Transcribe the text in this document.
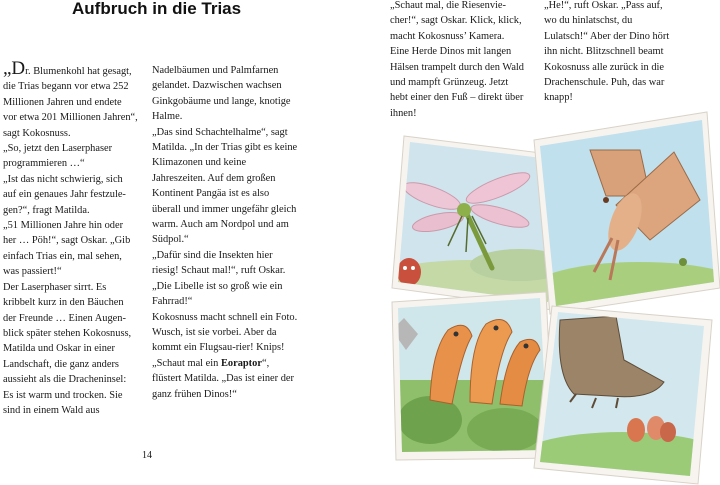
Aufbruch in die Trias

„Dr. Blumenkohl hat gesagt, die Trias begann vor etwa 252 Millionen Jahren und endete vor etwa 201 Millionen Jahren“, sagt Kokosnuss.

„So, jetzt den Laserphaser programmieren …“

„Ist das nicht schwierig, sich auf ein genaues Jahr festzule-gen?“, fragt Matilda.

„51 Millionen Jahre hin oder her … Pöh!“, sagt Oskar. „Gib einfach Trias ein, mal sehen, was passiert!“

Der Laserphaser sirrt. Es kribbelt kurz in den Bäuchen der Freunde … Einen Augen-blick später stehen Kokosnuss, Matilda und Oskar in einer Landschaft, die ganz anders aussieht als die Dracheninsel: Es ist warm und trocken. Sie sind in einem Wald aus

Nadelbäumen und Palmfarnen gelandet. Dazwischen wachsen Ginkgobäume und lange, knotige Halme.

„Das sind Schachtelhalme“, sagt Matilda. „In der Trias gibt es keine Klimazonen und keine Jahreszeiten. Auf dem großen Kontinent Pangäa ist es also überall und immer ungefähr gleich warm. Auch am Nordpol und am Südpol.“

„Dafür sind die Insekten hier riesig! Schaut mal!“, ruft Oskar. „Die Libelle ist so groß wie ein Fahrrad!“

Kokosnuss macht schnell ein Foto. Wusch, ist sie vorbei. Aber da kommt ein Flugsau-rier! Knips!

„Schaut mal ein Eoraptor“, flüstert Matilda. „Das ist einer der ganz frühen Dinos!“

14

„Schaut mal, die Riesenvie-cher!“, sagt Oskar. Klick, klick, macht Kokosnuss’ Kamera. Eine Herde Dinos mit langen Hälsen trampelt durch den Wald und mampft Grünzeug. Jetzt hebt einer den Fuß – direkt über ihnen!

„He!“, ruft Oskar. „Pass auf, wo du hinlatschst, du Lulatsch!“ Aber der Dino hört ihn nicht. Blitzschnell beamt Kokosnuss alle zurück in die Drachenschule. Puh, das war knapp!
